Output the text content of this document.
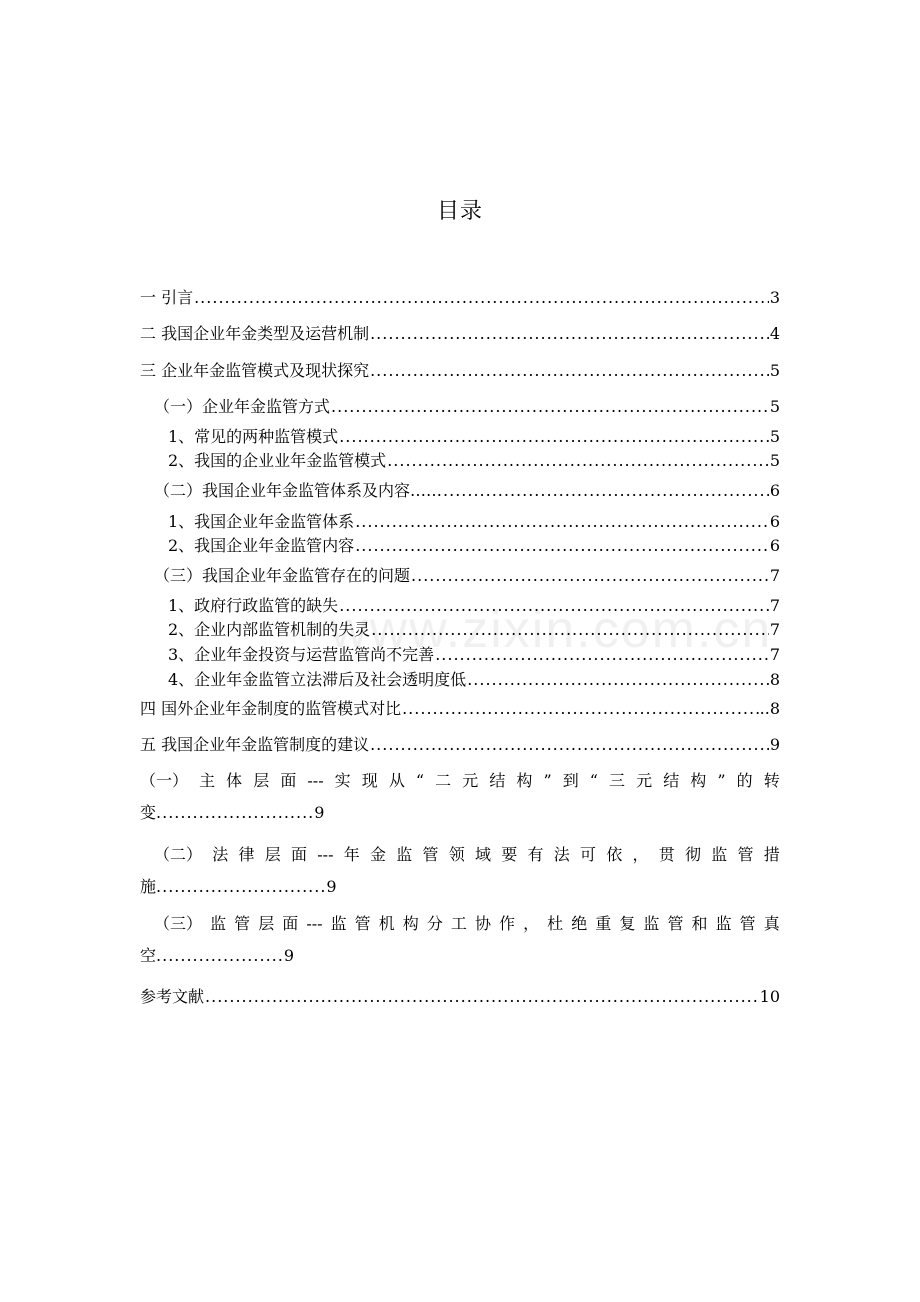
www.zixin.com.cn
目录
一 引言 .....	3
二 我国企业年金类型及运营机制 .....	4
三 企业年金监管模式及现状探究 .....	5
（一）企业年金监管方式 .....	5
1、常见的两种监管模式 .....	5
2、我国的企业业年金监管模式 .....	5
（二）我国企业年金监管体系及内容…… .....	6
1、我国企业年金监管体系 .....	6
2、我国企业年金监管内容 .....	6
（三）我国企业年金监管存在的问题 .....	7
1、政府行政监管的缺失 .....	7
2、企业内部监管机制的失灵 .....	7
3、企业年金投资与运营监管尚不完善 .....	7
4、企业年金监管立法滞后及社会透明度低 .....	8
四 国外企业年金制度的监管模式对比 .....	..8
五 我国企业年金监管制度的建议 .....	9
（一） 主 体 层 面 --- 实 现 从 “ 二 元 结 构 ” 到 “ 三 元 结 构 ” 的 转
变 .......................... 9
（二） 法 律 层 面 --- 年 金 监 管 领 域 要 有 法 可 依 ， 贯 彻 监 管 措
施 ............................ 9
（三） 监 管 层 面 --- 监 管 机 构 分 工 协 作 ， 杜 绝 重 复 监 管 和 监 管 真
空 ..................... 9
参考文献 .....	10
